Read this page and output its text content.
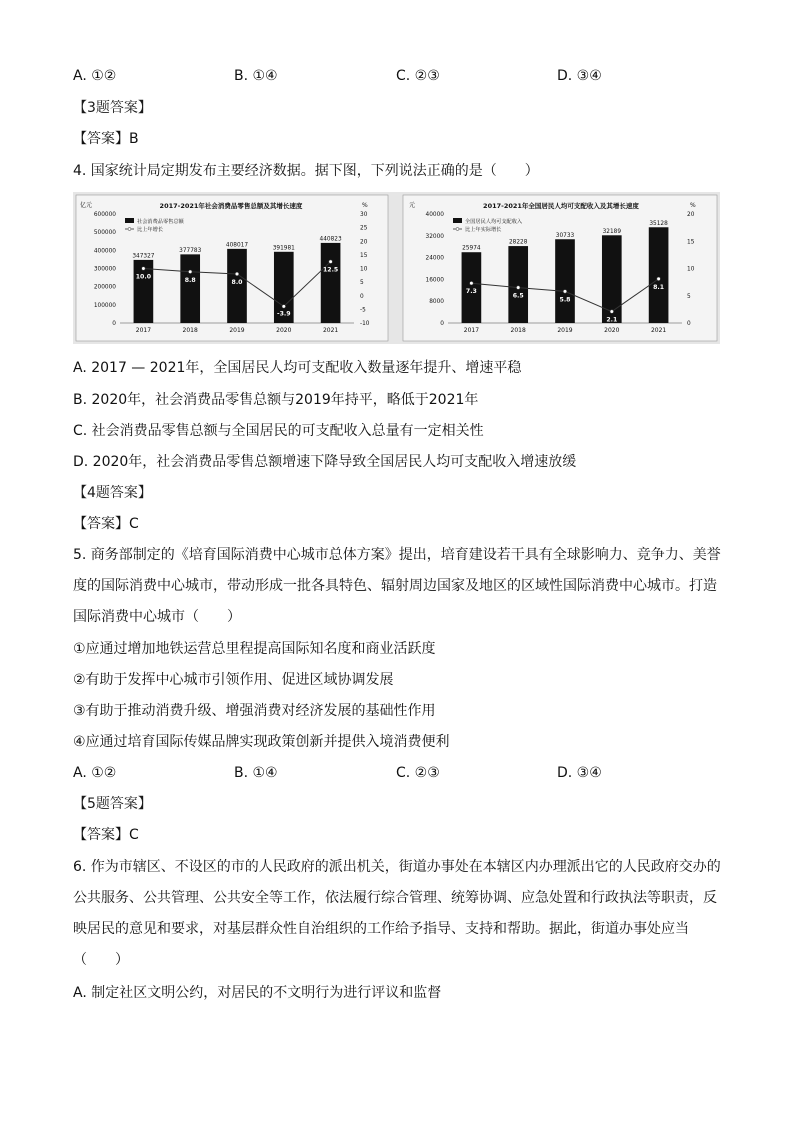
A. ①②	B. ①④	C. ②③	D. ③④
【3题答案】
【答案】B
4. 国家统计局定期发布主要经济数据。据下图，下列说法正确的是（　　）
2017-2021年社会消费品零售总额及其增长速度
亿元	%
600000
500000
400000
300000
200000
100000
0
30
25
20
15
10
5
0
-5
-10
347327
2017
377783
2018
408017
2019
391981
2020
440823
2021
10.0	8.8	8.0
-3.9
12.5
社会消费品零售总额
比上年增长
2017-2021年全国居民人均可支配收入及其增长速度
元	%
40000
32000
24000
16000
8000
0
20
15
10
5
0
25974
2017
28228
2018
30733
2019
32189
2020
35128
2021
7.3
6.5
5.8
2.1
8.1
全国居民人均可支配收入
比上年实际增长
A. 2017 — 2021年，全国居民人均可支配收入数量逐年提升、增速平稳
B. 2020年，社会消费品零售总额与2019年持平，略低于2021年
C. 社会消费品零售总额与全国居民的可支配收入总量有一定相关性
D. 2020年，社会消费品零售总额增速下降导致全国居民人均可支配收入增速放缓
【4题答案】
【答案】C
5. 商务部制定的《培育国际消费中心城市总体方案》提出，培育建设若干具有全球影响力、竞争力、美誉
度的国际消费中心城市，带动形成一批各具特色、辐射周边国家及地区的区域性国际消费中心城市。打造
国际消费中心城市（　　）
①应通过增加地铁运营总里程提高国际知名度和商业活跃度
②有助于发挥中心城市引领作用、促进区域协调发展
③有助于推动消费升级、增强消费对经济发展的基础性作用
④应通过培育国际传媒品牌实现政策创新并提供入境消费便利
A. ①②	B. ①④	C. ②③	D. ③④
【5题答案】
【答案】C
6. 作为市辖区、不设区的市的人民政府的派出机关，街道办事处在本辖区内办理派出它的人民政府交办的
公共服务、公共管理、公共安全等工作，依法履行综合管理、统筹协调、应急处置和行政执法等职责，反
映居民的意见和要求，对基层群众性自治组织的工作给予指导、支持和帮助。据此，街道办事处应当
（　　）
A. 制定社区文明公约，对居民的不文明行为进行评议和监督
